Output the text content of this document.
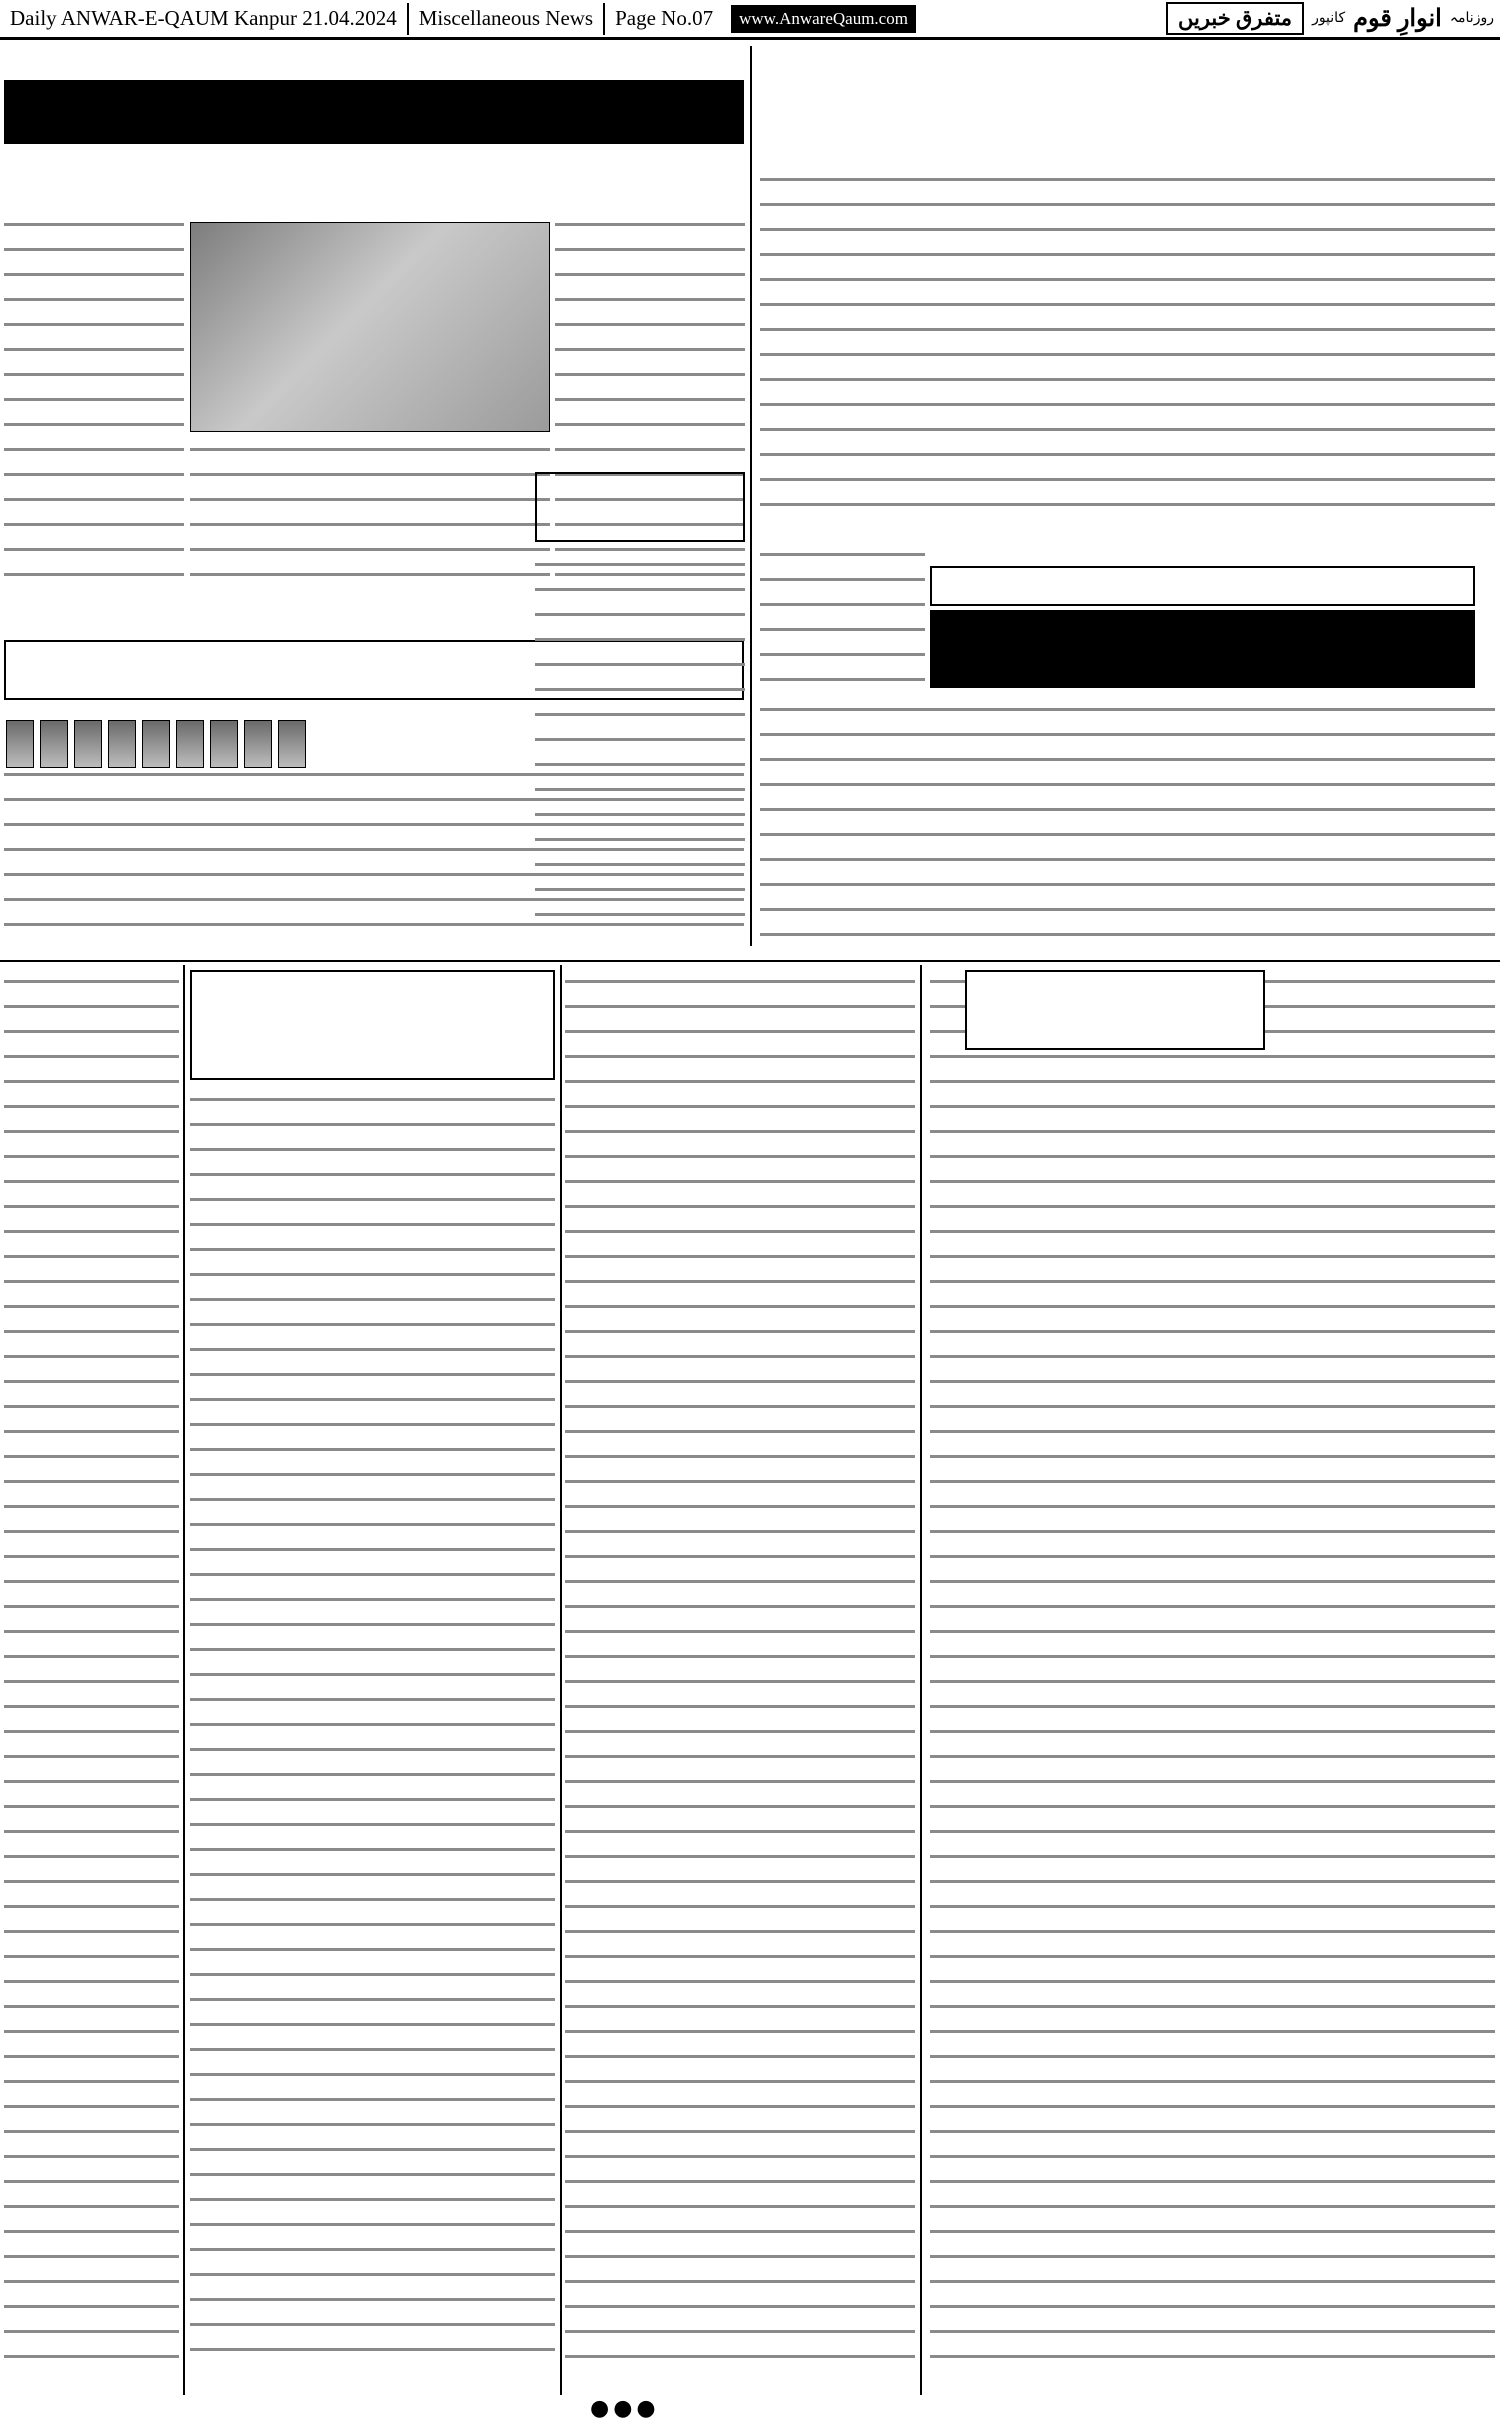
Daily ANWAR-E-QAUM Kanpur 21.04.2024	Miscellaneous News	Page No.07	www.AnwareQaum.com	روزنامہ
انوارِ قوم
کانپور
متفرق خبریں
●●●
